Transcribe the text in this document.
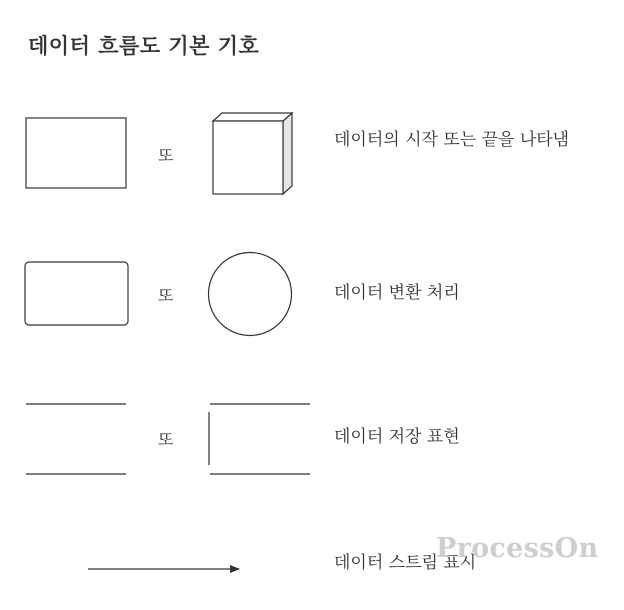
데이터 흐름도 기본 기호
또
또
또
데이터의 시작 또는 끝을 나타냄
데이터 변환 처리
데이터 저장 표현
데이터 스트림 표시
ProcessOn
